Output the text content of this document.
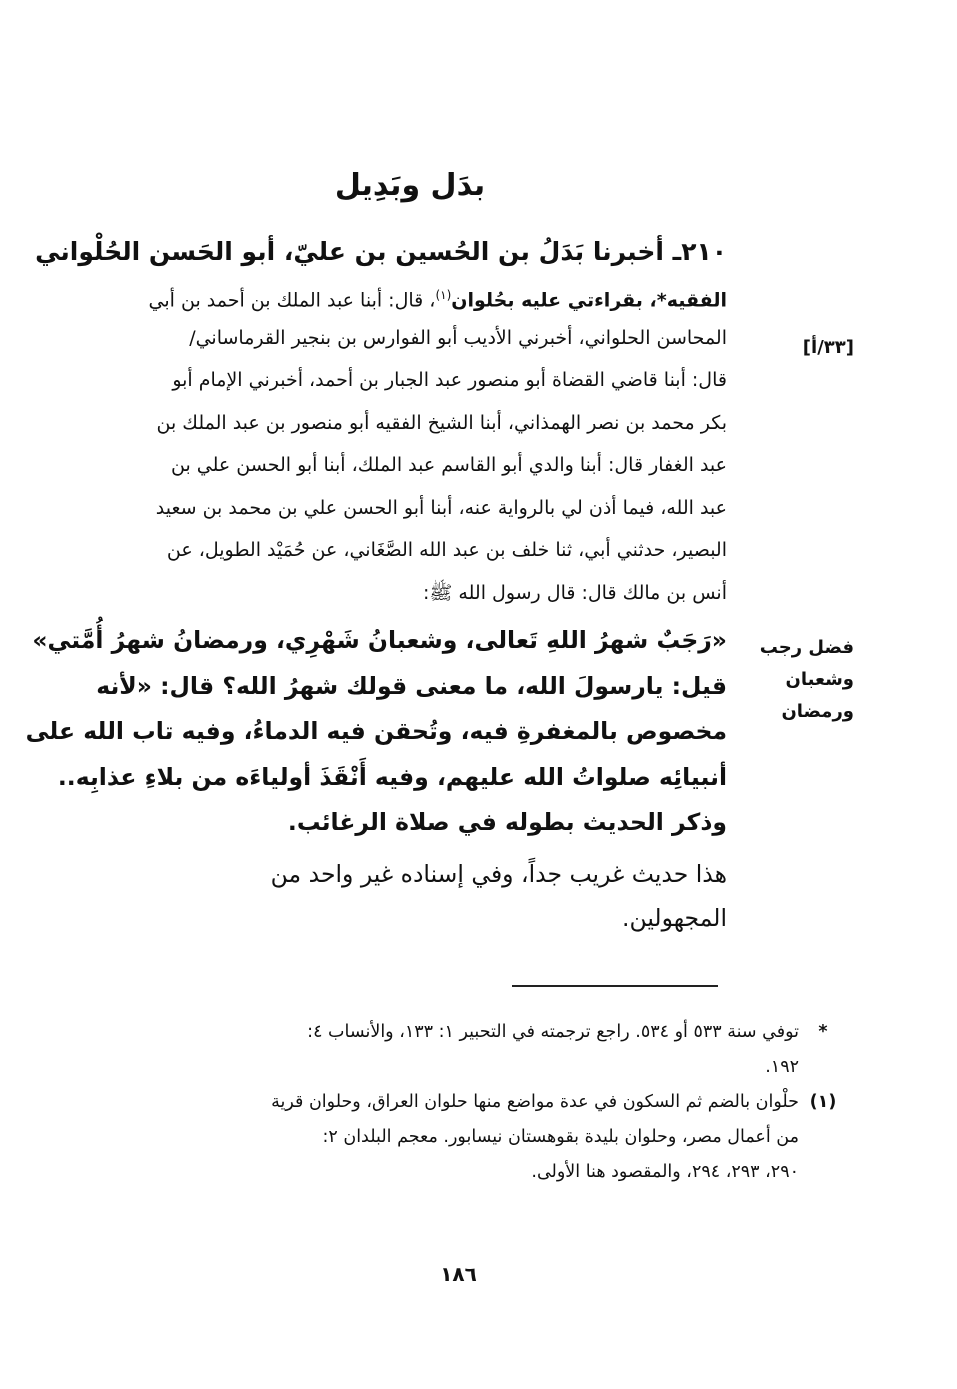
بدَل وبَدِيل
[٣٣/أ]
فضل رجب
وشعبان ورمضان
٢١٠ـ أخبرنا بَدَلُ بن الحُسين بن عليّ، أبو الحَسن الحُلْواني
الفقيه*، بقراءتي عليه بحُلوان$^{(١)}$، قال: أبنا عبد الملك بن أحمد بن أبي
المحاسن الحلواني، أخبرني الأديب أبو الفوارس بن بنجير القرماساني/
قال: أبنا قاضي القضاة أبو منصور عبد الجبار بن أحمد، أخبرني الإمام أبو
بكر محمد بن نصر الهمذاني، أبنا الشيخ الفقيه أبو منصور بن عبد الملك بن
عبد الغفار قال: أبنا والدي أبو القاسم عبد الملك، أبنا أبو الحسن علي بن
عبد الله، فيما أذن لي بالرواية عنه، أبنا أبو الحسن علي بن محمد بن سعيد
البصير، حدثني أبي، ثنا خلف بن عبد الله الصَّغَاني، عن حُمَيْد الطويل، عن
أنس بن مالك قال: قال رسول الله ﷺ:
«رَجَبٌ شهرُ اللهِ تَعالى، وشعبانُ شَهْرِي، ورمضانُ شهرُ أُمَّتي»
قيل: يارسولَ الله، ما معنى قولك شهرُ الله؟ قال: «لأنه
مخصوص بالمغفرةِ فيه، وتُحقن فيه الدماءُ، وفيه تاب الله على
أنبيائِه صلواتُ الله عليهم، وفيه أَنْقَذَ أولياءَه من بلاءِ عذابِه..
وذكر الحديث بطوله في صلاة الرغائب.
هذا حديث غريب جداً، وفي إسناده غير واحد من
المجهولين.
*
توفي سنة ٥٣٣ أو ٥٣٤. راجع ترجمته في التحبير ١: ١٣٣، والأنساب ٤:
١٩٢.
(١)
حلْوان بالضم ثم السكون في عدة مواضع منها حلوان العراق، وحلوان قرية
من أعمال مصر، وحلوان بليدة بقوهستان نيسابور. معجم البلدان ٢:
٢٩٠، ٢٩٣، ٢٩٤، والمقصود هنا الأولى.
١٨٦
